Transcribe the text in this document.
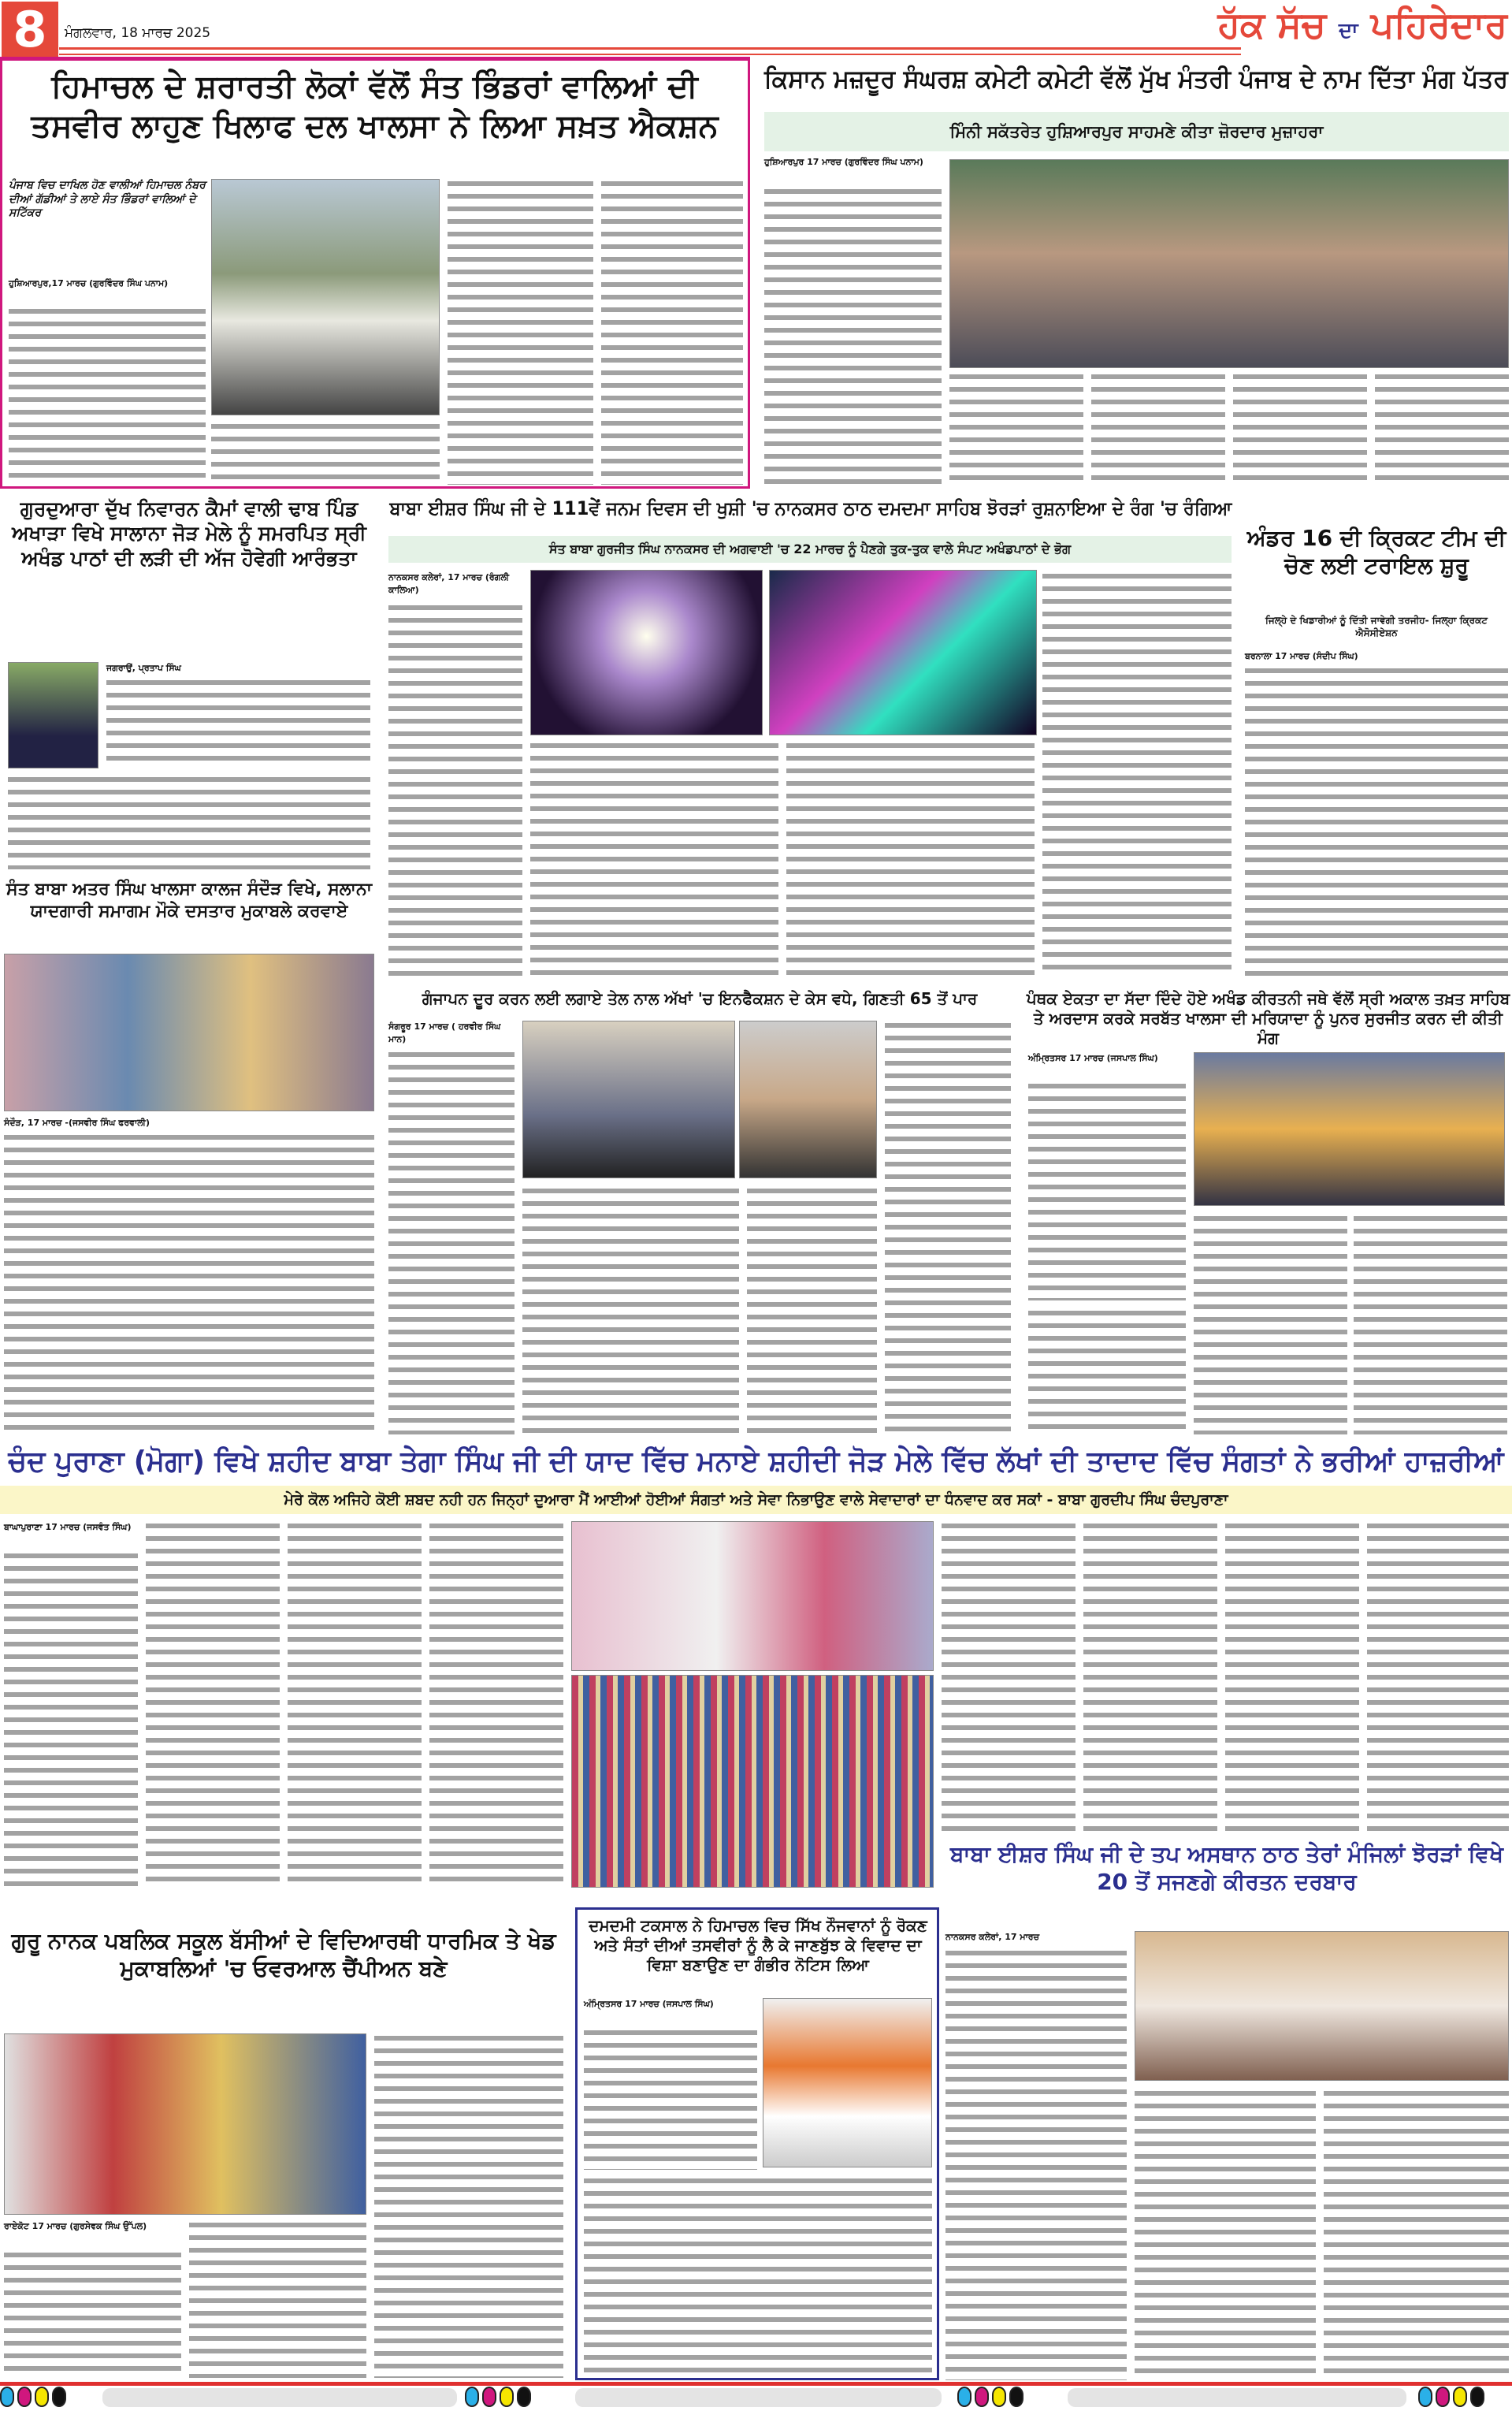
8	ਮੰਗਲਵਾਰ, 18 ਮਾਰਚ 2025	ਹੱਕ ਸੱਚ ਦਾ ਪਹਿਰੇਦਾਰ
ਹਿਮਾਚਲ ਦੇ ਸ਼ਰਾਰਤੀ ਲੋਕਾਂ ਵੱਲੋਂ ਸੰਤ ਭਿੰਡਰਾਂ ਵਾਲਿਆਂ ਦੀ ਤਸਵੀਰ ਲਾਹੁਣ ਖਿਲਾਫ ਦਲ ਖਾਲਸਾ ਨੇ ਲਿਆ ਸਖ਼ਤ ਐਕਸ਼ਨ
ਪੰਜਾਬ ਵਿਚ ਦਾਖਿਲ ਹੋਣ ਵਾਲੀਆਂ ਹਿਮਾਚਲ ਨੰਬਰ ਦੀਆਂ ਗੱਡੀਆਂ ਤੇ ਲਾਏ ਸੰਤ ਭਿੰਡਰਾਂ ਵਾਲਿਆਂ ਦੇ ਸਟਿੱਕਰ
ਹੁਸ਼ਿਆਰਪੁਰ,17 ਮਾਰਚ (ਗੁਰਵਿੰਦਰ ਸਿੰਘ ਪਨਾਮ)
ਕਿਸਾਨ ਮਜ਼ਦੂਰ ਸੰਘਰਸ਼ ਕਮੇਟੀ ਕਮੇਟੀ ਵੱਲੋਂ ਮੁੱਖ ਮੰਤਰੀ ਪੰਜਾਬ ਦੇ ਨਾਮ ਦਿੱਤਾ ਮੰਗ ਪੱਤਰ
ਮਿੰਨੀ ਸਕੱਤਰੇਤ ਹੁਸ਼ਿਆਰਪੁਰ ਸਾਹਮਣੇ ਕੀਤਾ ਜ਼ੋਰਦਾਰ ਮੁਜ਼ਾਹਰਾ
ਹੁਸ਼ਿਆਰਪੁਰ 17 ਮਾਰਚ (ਗੁਰਵਿੰਦਰ ਸਿੰਘ ਪਨਾਮ)
ਗੁਰਦੁਆਰਾ ਦੁੱਖ ਨਿਵਾਰਨ ਕੈਮਾਂ ਵਾਲੀ ਢਾਬ ਪਿੰਡ ਅਖਾੜਾ ਵਿਖੇ ਸਾਲਾਨਾ ਜੋੜ ਮੇਲੇ ਨੂੰ ਸਮਰਪਿਤ ਸ੍ਰੀ ਅਖੰਡ ਪਾਠਾਂ ਦੀ ਲੜੀ ਦੀ ਅੱਜ ਹੋਵੇਗੀ ਆਰੰਭਤਾ
ਜਗਰਾਉਂ, ਪ੍ਰਤਾਪ ਸਿੰਘ
ਸੰਤ ਬਾਬਾ ਅਤਰ ਸਿੰਘ ਖਾਲਸਾ ਕਾਲਜ ਸੰਦੌੜ ਵਿਖੇ, ਸਲਾਨਾ ਯਾਦਗਾਰੀ ਸਮਾਗਮ ਮੌਕੇ ਦਸਤਾਰ ਮੁਕਾਬਲੇ ਕਰਵਾਏ
ਸੰਦੌੜ, 17 ਮਾਰਚ -(ਜਸਵੀਰ ਸਿੰਘ ਫਰਵਾਲੀ)
ਬਾਬਾ ਈਸ਼ਰ ਸਿੰਘ ਜੀ ਦੇ 111ਵੇਂ ਜਨਮ ਦਿਵਸ ਦੀ ਖੁਸ਼ੀ 'ਚ ਨਾਨਕਸਰ ਠਾਠ ਦਮਦਮਾ ਸਾਹਿਬ ਝੋਰੜਾਂ ਰੁਸ਼ਨਾਇਆ ਦੇ ਰੰਗ 'ਚ ਰੰਗਿਆ
ਸੰਤ ਬਾਬਾ ਗੁਰਜੀਤ ਸਿੰਘ ਨਾਨਕਸਰ ਦੀ ਅਗਵਾਈ 'ਚ 22 ਮਾਰਚ ਨੂੰ ਪੈਣਗੇ ਤੁਕ-ਤੁਕ ਵਾਲੇ ਸੰਪਟ ਅਖੰਡਪਾਠਾਂ ਦੇ ਭੋਗ
ਨਾਨਕਸਰ ਕਲੇਰਾਂ, 17 ਮਾਰਚ (ਰੰਗਲੀ ਕਾਲਿਆ)
ਅੰਡਰ 16 ਦੀ ਕ੍ਰਿਕਟ ਟੀਮ ਦੀ ਚੋਣ ਲਈ ਟਰਾਇਲ ਸ਼ੁਰੂ
ਜਿਲ੍ਹੇ ਦੇ ਖਿਡਾਰੀਆਂ ਨੂੰ ਦਿੱਤੀ ਜਾਵੇਗੀ ਤਰਜੀਹ- ਜਿਲ੍ਹਾ ਕ੍ਰਿਕਟ ਐਸੋਸੀਏਸ਼ਨ
ਬਰਨਾਲਾ 17 ਮਾਰਚ (ਸੰਦੀਪ ਸਿੰਘ)
ਗੰਜਾਪਨ ਦੂਰ ਕਰਨ ਲਈ ਲਗਾਏ ਤੇਲ ਨਾਲ ਅੱਖਾਂ 'ਚ ਇਨਫੈਕਸ਼ਨ ਦੇ ਕੇਸ ਵਧੇ, ਗਿਣਤੀ 65 ਤੋਂ ਪਾਰ
ਸੰਗਰੂਰ 17 ਮਾਰਚ ( ਹਰਵੀਰ ਸਿੰਘ ਮਾਨ)
ਪੰਥਕ ਏਕਤਾ ਦਾ ਸੱਦਾ ਦਿੰਦੇ ਹੋਏ ਅਖੰਡ ਕੀਰਤਨੀ ਜਥੇ ਵੱਲੋਂ ਸ੍ਰੀ ਅਕਾਲ ਤਖ਼ਤ ਸਾਹਿਬ ਤੇ ਅਰਦਾਸ ਕਰਕੇ ਸਰਬੱਤ ਖਾਲਸਾ ਦੀ ਮਰਿਯਾਦਾ ਨੂੰ ਪੁਨਰ ਸੁਰਜੀਤ ਕਰਨ ਦੀ ਕੀਤੀ ਮੰਗ
ਅੰਮ੍ਰਿਤਸਰ 17 ਮਾਰਚ (ਜਸਪਾਲ ਸਿੰਘ)
ਚੰਦ ਪੁਰਾਣਾ (ਮੋਗਾ) ਵਿਖੇ ਸ਼ਹੀਦ ਬਾਬਾ ਤੇਗਾ ਸਿੰਘ ਜੀ ਦੀ ਯਾਦ ਵਿੱਚ ਮਨਾਏ ਸ਼ਹੀਦੀ ਜੋੜ ਮੇਲੇ ਵਿੱਚ ਲੱਖਾਂ ਦੀ ਤਾਦਾਦ ਵਿੱਚ ਸੰਗਤਾਂ ਨੇ ਭਰੀਆਂ ਹਾਜ਼ਰੀਆਂ
ਮੇਰੇ ਕੋਲ ਅਜਿਹੇ ਕੋਈ ਸ਼ਬਦ ਨਹੀ ਹਨ ਜਿਨ੍ਹਾਂ ਦੁਆਰਾ ਮੈਂ ਆਈਆਂ ਹੋਈਆਂ ਸੰਗਤਾਂ ਅਤੇ ਸੇਵਾ ਨਿਭਾਉਣ ਵਾਲੇ ਸੇਵਾਦਾਰਾਂ ਦਾ ਧੰਨਵਾਦ ਕਰ ਸਕਾਂ - ਬਾਬਾ ਗੁਰਦੀਪ ਸਿੰਘ ਚੰਦਪੁਰਾਣਾ
ਬਾਘਾਪੁਰਾਣਾ 17 ਮਾਰਚ (ਜਸਵੰਤ ਸਿੰਘ)
ਬਾਬਾ ਈਸ਼ਰ ਸਿੰਘ ਜੀ ਦੇ ਤਪ ਅਸਥਾਨ ਠਾਠ ਤੇਰਾਂ ਮੰਜਿਲਾਂ ਝੋਰੜਾਂ ਵਿਖੇ 20 ਤੋਂ ਸਜਣਗੇ ਕੀਰਤਨ ਦਰਬਾਰ
ਨਾਨਕਸਰ ਕਲੇਰਾਂ, 17 ਮਾਰਚ
ਗੁਰੂ ਨਾਨਕ ਪਬਲਿਕ ਸਕੂਲ ਬੱਸੀਆਂ ਦੇ ਵਿਦਿਆਰਥੀ ਧਾਰਮਿਕ ਤੇ ਖੇਡ ਮੁਕਾਬਲਿਆਂ 'ਚ ਓਵਰਆਲ ਚੈਂਪੀਅਨ ਬਣੇ
ਰਾਏਕੋਟ 17 ਮਾਰਚ (ਗੁਰਸੇਵਕ ਸਿੰਘ ਉੱਪਲ)
ਦਮਦਮੀ ਟਕਸਾਲ ਨੇ ਹਿਮਾਚਲ ਵਿਚ ਸਿੱਖ ਨੌਜਵਾਨਾਂ ਨੂੰ ਰੋਕਣ ਅਤੇ ਸੰਤਾਂ ਦੀਆਂ ਤਸਵੀਰਾਂ ਨੂੰ ਲੈ ਕੇ ਜਾਣਬੁੱਝ ਕੇ ਵਿਵਾਦ ਦਾ ਵਿਸ਼ਾ ਬਣਾਉਣ ਦਾ ਗੰਭੀਰ ਨੋਟਿਸ ਲਿਆ
ਅੰਮ੍ਰਿਤਸਰ 17 ਮਾਰਚ (ਜਸਪਾਲ ਸਿੰਘ)
